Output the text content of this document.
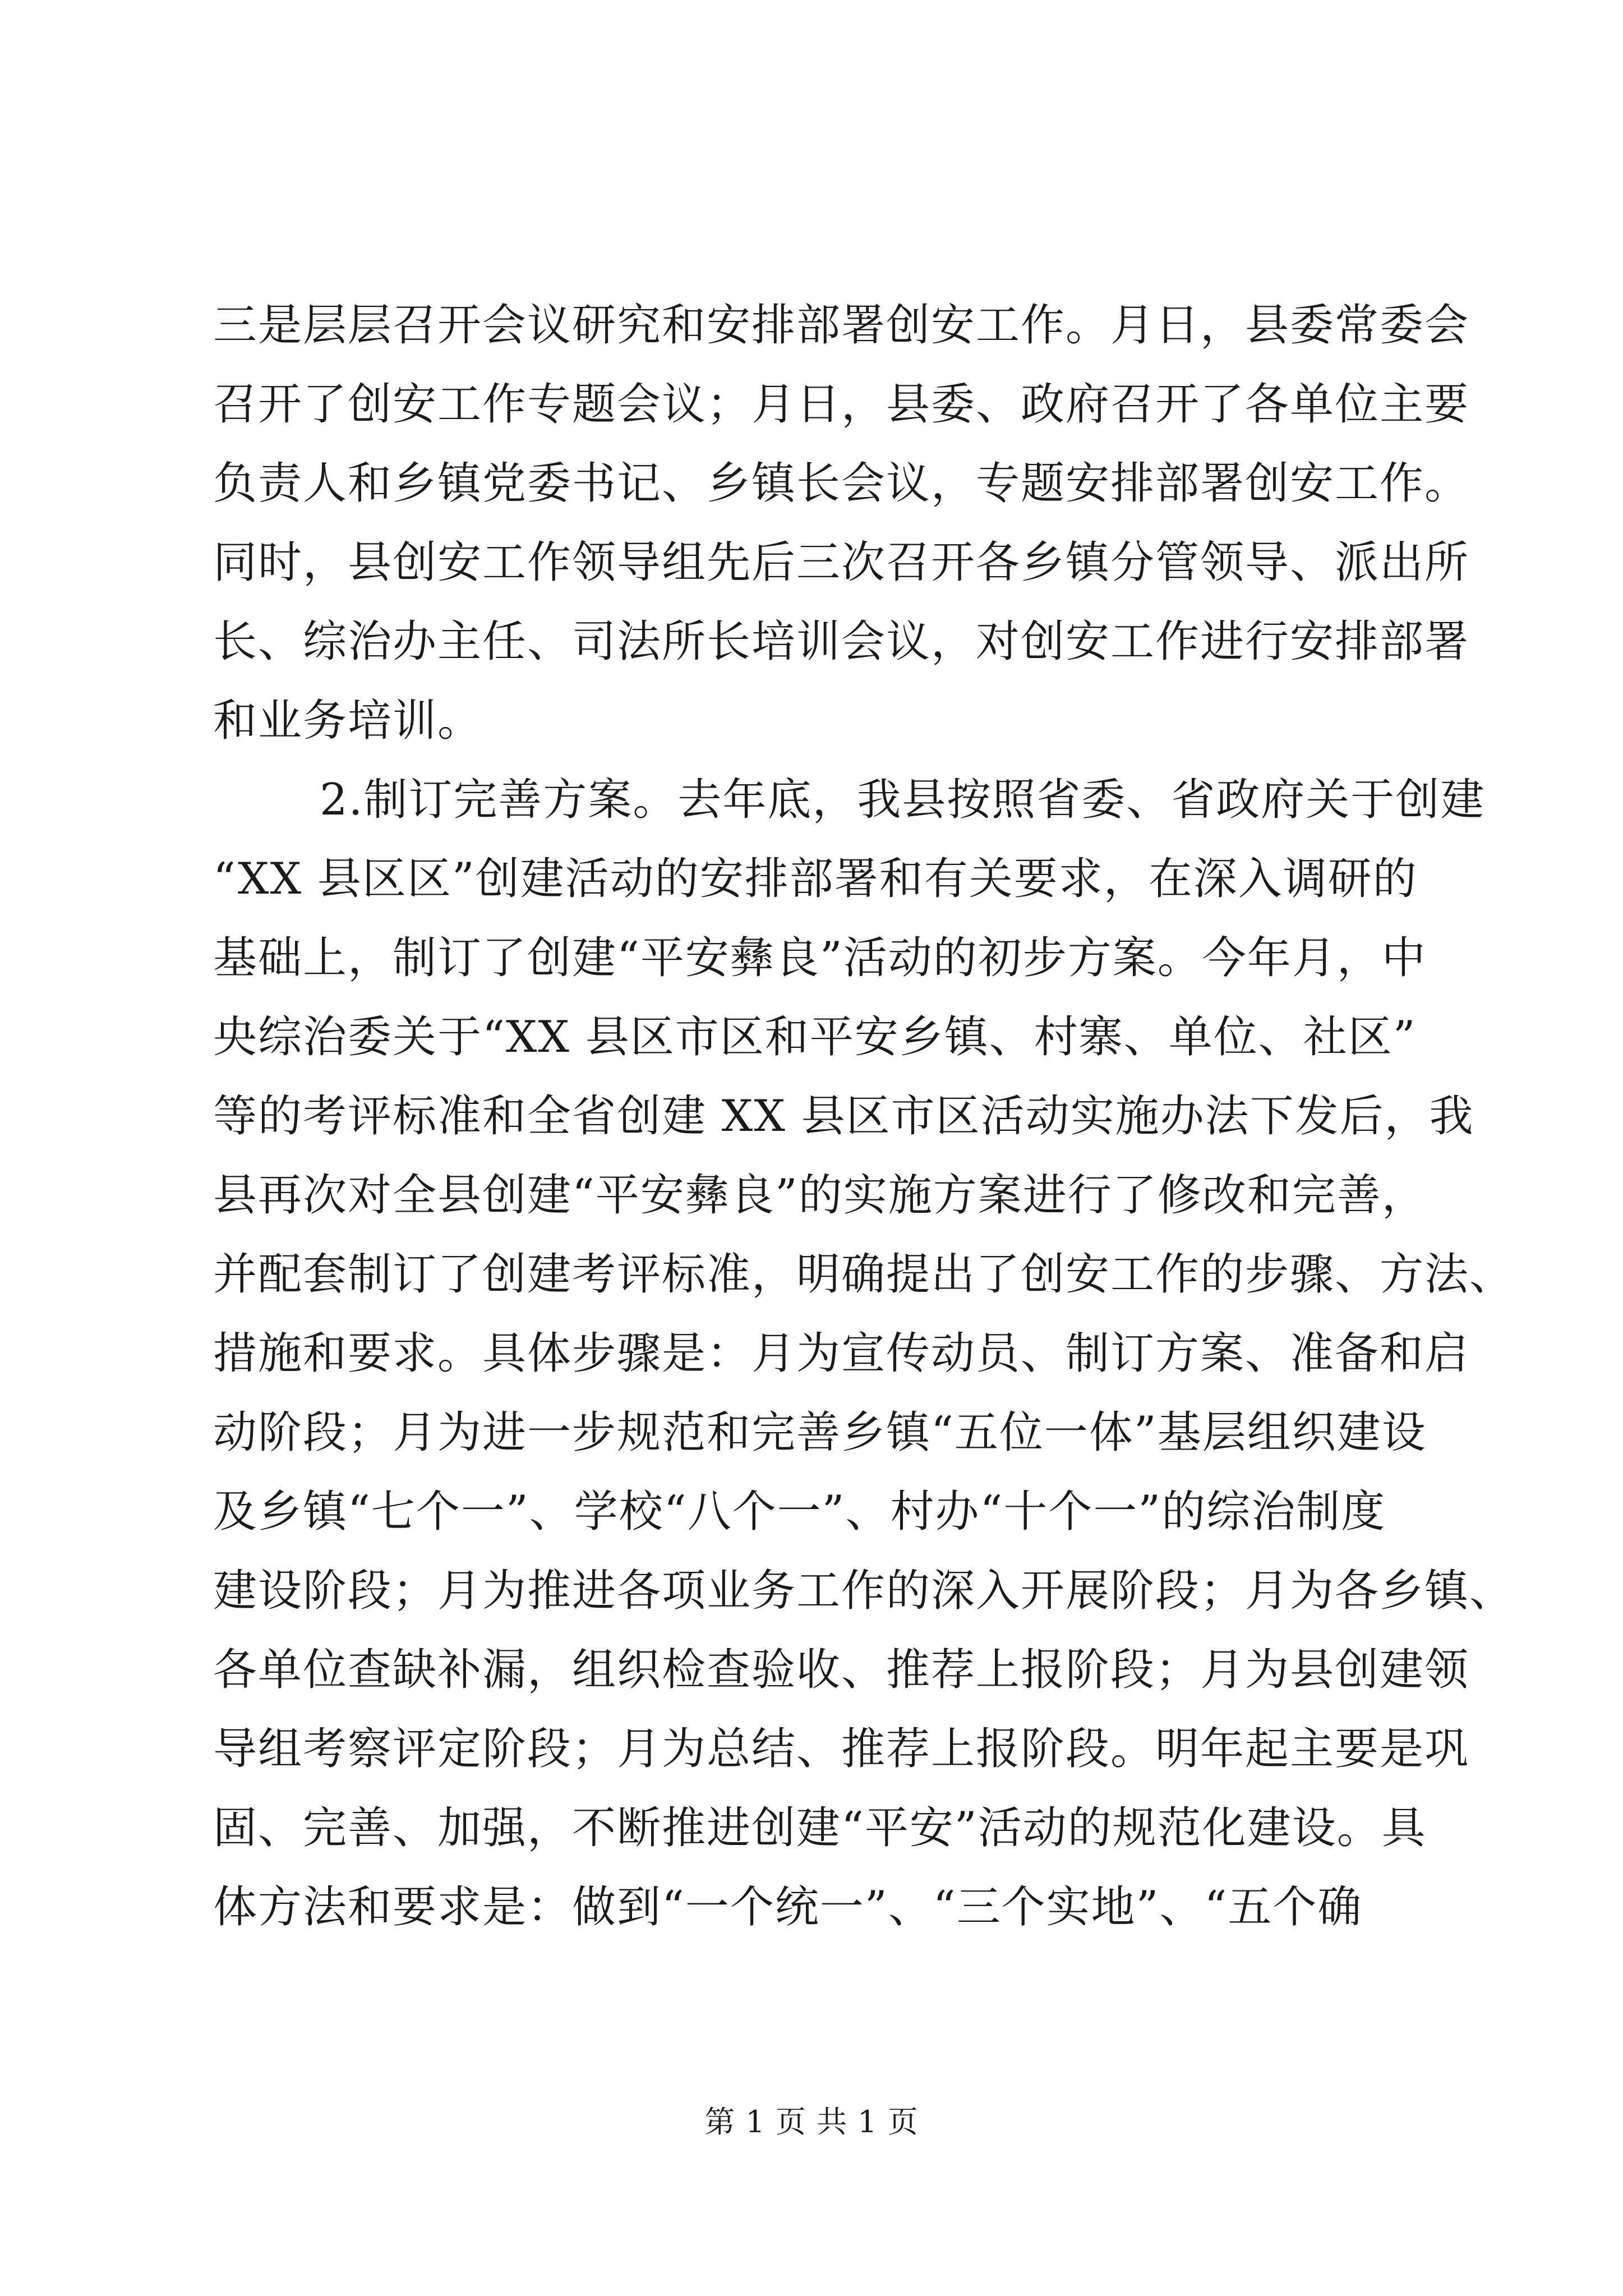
三是层层召开会议研究和安排部署创安工作。月日，县委常委会
召开了创安工作专题会议；月日，县委、政府召开了各单位主要
负责人和乡镇党委书记、乡镇长会议，专题安排部署创安工作。
同时，县创安工作领导组先后三次召开各乡镇分管领导、派出所
长、综治办主任、司法所长培训会议，对创安工作进行安排部署
和业务培训。
2.制订完善方案。去年底，我县按照省委、省政府关于创建
“XX 县区区”创建活动的安排部署和有关要求，在深入调研的
基础上，制订了创建“平安彝良”活动的初步方案。今年月，中
央综治委关于“XX 县区市区和平安乡镇、村寨、单位、社区”
等的考评标准和全省创建 XX 县区市区活动实施办法下发后，我
县再次对全县创建“平安彝良”的实施方案进行了修改和完善，
并配套制订了创建考评标准，明确提出了创安工作的步骤、方法、
措施和要求。具体步骤是：月为宣传动员、制订方案、准备和启
动阶段；月为进一步规范和完善乡镇“五位一体”基层组织建设
及乡镇“七个一”、学校“八个一”、村办“十个一”的综治制度
建设阶段；月为推进各项业务工作的深入开展阶段；月为各乡镇、
各单位查缺补漏，组织检查验收、推荐上报阶段；月为县创建领
导组考察评定阶段；月为总结、推荐上报阶段。明年起主要是巩
固、完善、加强，不断推进创建“平安”活动的规范化建设。具
体方法和要求是：做到“一个统一”、“三个实地”、“五个确
第 1 页 共 1 页
